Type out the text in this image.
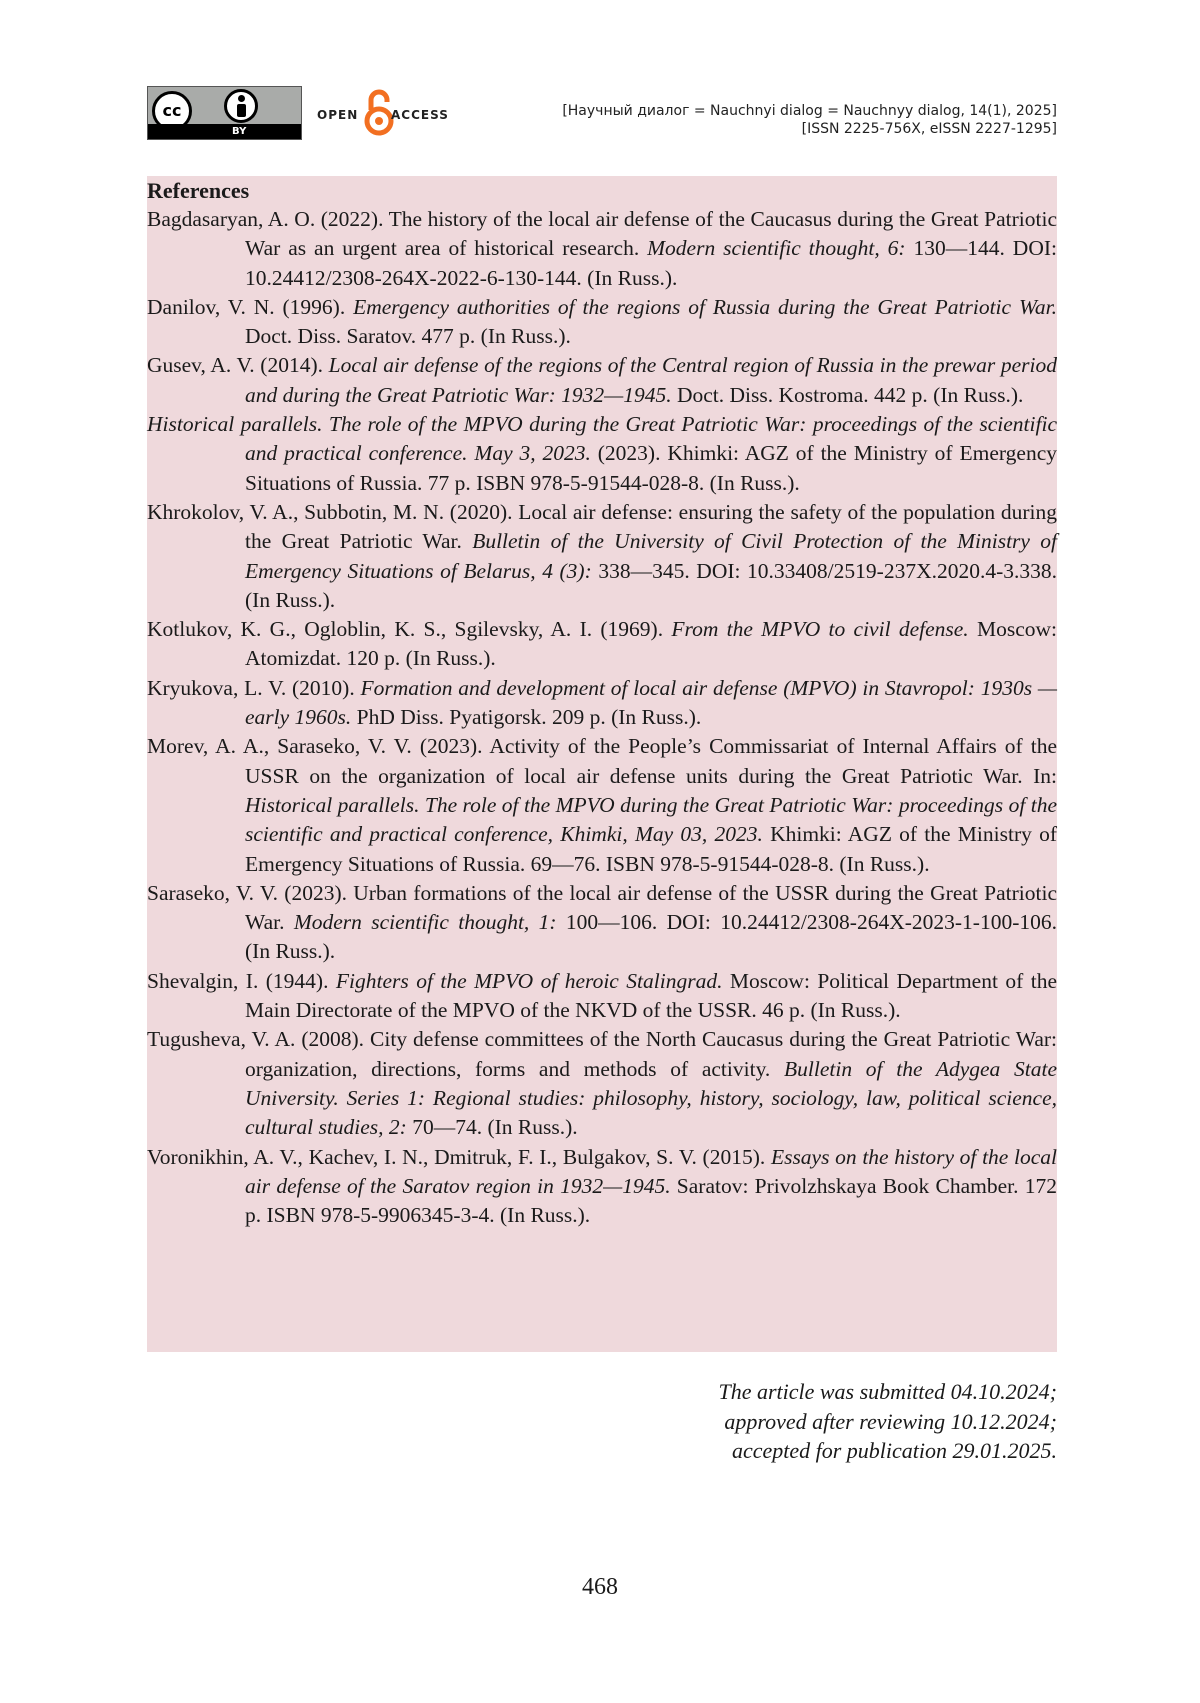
cc
BY
OPEN	ACCESS	[Научный диалог = Nauchnyi dialog = Nauchnyy dialog, 14(1), 2025]
[ISSN 2225-756X, eISSN 2227-1295]
References

Bagdasaryan, A. O. (2022). The history of the local air defense of the Caucasus during the Great Patriotic War as an urgent area of historical research. Modern scientific thought, 6: 130—144. DOI: 10.24412/2308-264X-2022-6-130-144. (In Russ.).

Danilov, V. N. (1996). Emergency authorities of the regions of Russia during the Great Patriotic War. Doct. Diss. Saratov. 477 p. (In Russ.).

Gusev, A. V. (2014). Local air defense of the regions of the Central region of Russia in the prewar period and during the Great Patriotic War: 1932—1945. Doct. Diss. Kostroma. 442 p. (In Russ.).

Historical parallels. The role of the MPVO during the Great Patriotic War: proceedings of the scientific and practical conference. May 3, 2023. (2023). Khimki: AGZ of the Ministry of Emergency Situations of Russia. 77 p. ISBN 978-5-91544-028-8. (In Russ.).

Khrokolov, V. A., Subbotin, M. N. (2020). Local air defense: ensuring the safety of the population during the Great Patriotic War. Bulletin of the University of Civil Protection of the Ministry of Emergency Situations of Belarus, 4 (3): 338—345. DOI: 10.33408/2519-237X.2020.4-3.338. (In Russ.).

Kotlukov, K. G., Ogloblin, K. S., Sgilevsky, A. I. (1969). From the MPVO to civil defense. Moscow: Atomizdat. 120 p. (In Russ.).

Kryukova, L. V. (2010). Formation and development of local air defense (MPVO) in Stavropol: 1930s — early 1960s. PhD Diss. Pyatigorsk. 209 p. (In Russ.).

Morev, A. A., Saraseko, V. V. (2023). Activity of the People’s Commissariat of Internal Affairs of the USSR on the organization of local air defense units during the Great Patriotic War. In: Historical parallels. The role of the MPVO during the Great Patriotic War: proceedings of the scientific and practical conference, Khimki, May 03, 2023. Khimki: AGZ of the Ministry of Emergency Situations of Russia. 69—76. ISBN 978-5-91544-028-8. (In Russ.).

Saraseko, V. V. (2023). Urban formations of the local air defense of the USSR during the Great Patriotic War. Modern scientific thought, 1: 100—106. DOI: 10.24412/2308-264X-2023-1-100-106. (In Russ.).

Shevalgin, I. (1944). Fighters of the MPVO of heroic Stalingrad. Moscow: Political Department of the Main Directorate of the MPVO of the NKVD of the USSR. 46 p. (In Russ.).

Tugusheva, V. A. (2008). City defense committees of the North Caucasus during the Great Patriotic War: organization, directions, forms and methods of activity. Bulletin of the Adygea State University. Series 1: Regional studies: philosophy, history, sociology, law, political science, cultural studies, 2: 70—74. (In Russ.).

Voronikhin, A. V., Kachev, I. N., Dmitruk, F. I., Bulgakov, S. V. (2015). Essays on the history of the local air defense of the Saratov region in 1932—1945. Saratov: Privolzhskaya Book Chamber. 172 p. ISBN 978-5-9906345-3-4. (In Russ.).

The article was submitted 04.10.2024;
approved after reviewing 10.12.2024;
accepted for publication 29.01.2025.
468
